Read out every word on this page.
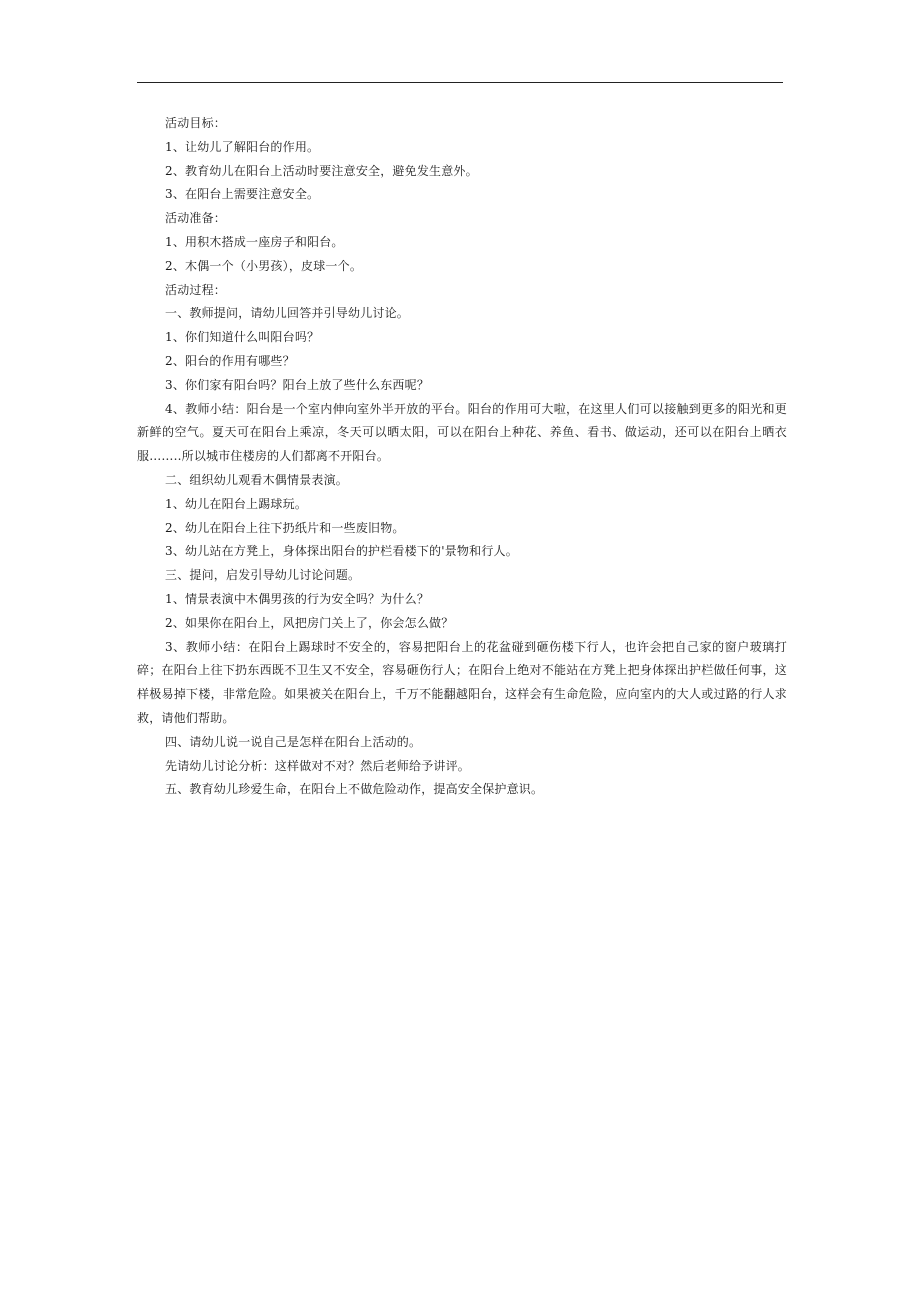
活动目标：

1、让幼儿了解阳台的作用。

2、教育幼儿在阳台上活动时要注意安全，避免发生意外。

3、在阳台上需要注意安全。

活动准备：

1、用积木搭成一座房子和阳台。

2、木偶一个（小男孩），皮球一个。

活动过程：

一、教师提问，请幼儿回答并引导幼儿讨论。

1、你们知道什么叫阳台吗？

2、阳台的作用有哪些？

3、你们家有阳台吗？阳台上放了些什么东西呢？

4、教师小结：阳台是一个室内伸向室外半开放的平台。阳台的作用可大啦，在这里人们可以接触到更多的阳光和更新鲜的空气。夏天可在阳台上乘凉，冬天可以晒太阳，可以在阳台上种花、养鱼、看书、做运动，还可以在阳台上晒衣服……..所以城市住楼房的人们都离不开阳台。

二、组织幼儿观看木偶情景表演。

1、幼儿在阳台上踢球玩。

2、幼儿在阳台上往下扔纸片和一些废旧物。

3、幼儿站在方凳上，身体探出阳台的护栏看楼下的'景物和行人。

三、提问，启发引导幼儿讨论问题。

1、情景表演中木偶男孩的行为安全吗？为什么？

2、如果你在阳台上，风把房门关上了，你会怎么做？

3、教师小结：在阳台上踢球时不安全的，容易把阳台上的花盆碰到砸伤楼下行人，也许会把自己家的窗户玻璃打碎；在阳台上往下扔东西既不卫生又不安全，容易砸伤行人；在阳台上绝对不能站在方凳上把身体探出护栏做任何事，这样极易掉下楼，非常危险。如果被关在阳台上，千万不能翻越阳台，这样会有生命危险，应向室内的大人或过路的行人求救，请他们帮助。

四、请幼儿说一说自己是怎样在阳台上活动的。

先请幼儿讨论分析：这样做对不对？然后老师给予讲评。

五、教育幼儿珍爱生命，在阳台上不做危险动作，提高安全保护意识。
